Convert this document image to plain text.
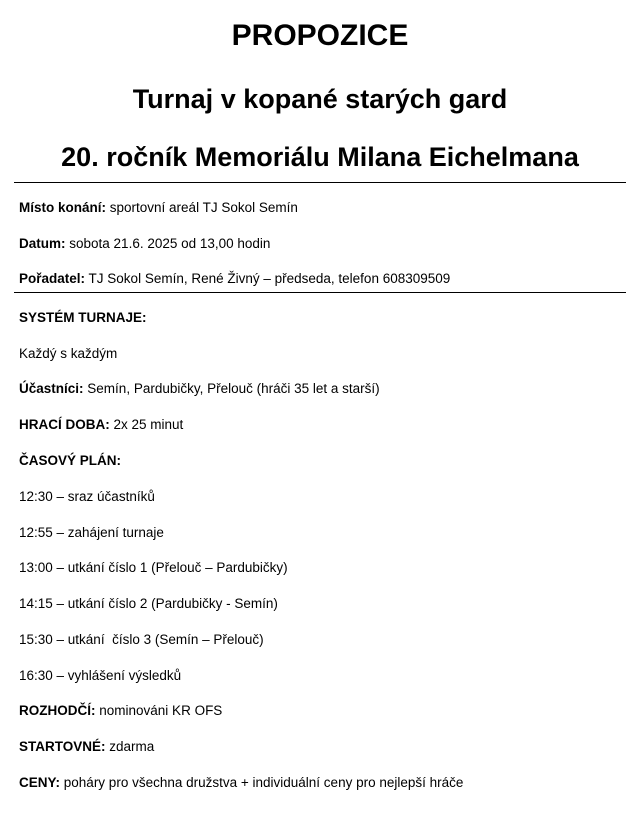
PROPOZICE
Turnaj v kopané starých gard
20. ročník Memoriálu Milana Eichelmana
Místo konání: sportovní areál TJ Sokol Semín
Datum: sobota 21.6. 2025 od 13,00 hodin
Pořadatel: TJ Sokol Semín, René Živný – předseda, telefon 608309509
SYSTÉM TURNAJE:
Každý s každým
Účastníci: Semín, Pardubičky, Přelouč (hráči 35 let a starší)
HRACÍ DOBA: 2x 25 minut
ČASOVÝ PLÁN:
12:30 – sraz účastníků
12:55 – zahájení turnaje
13:00 – utkání číslo 1 (Přelouč – Pardubičky)
14:15 – utkání číslo 2 (Pardubičky - Semín)
15:30 – utkání  číslo 3 (Semín – Přelouč)
16:30 – vyhlášení výsledků
ROZHODČÍ: nominováni KR OFS
STARTOVNÉ: zdarma
CENY: poháry pro všechna družstva + individuální ceny pro nejlepší hráče
